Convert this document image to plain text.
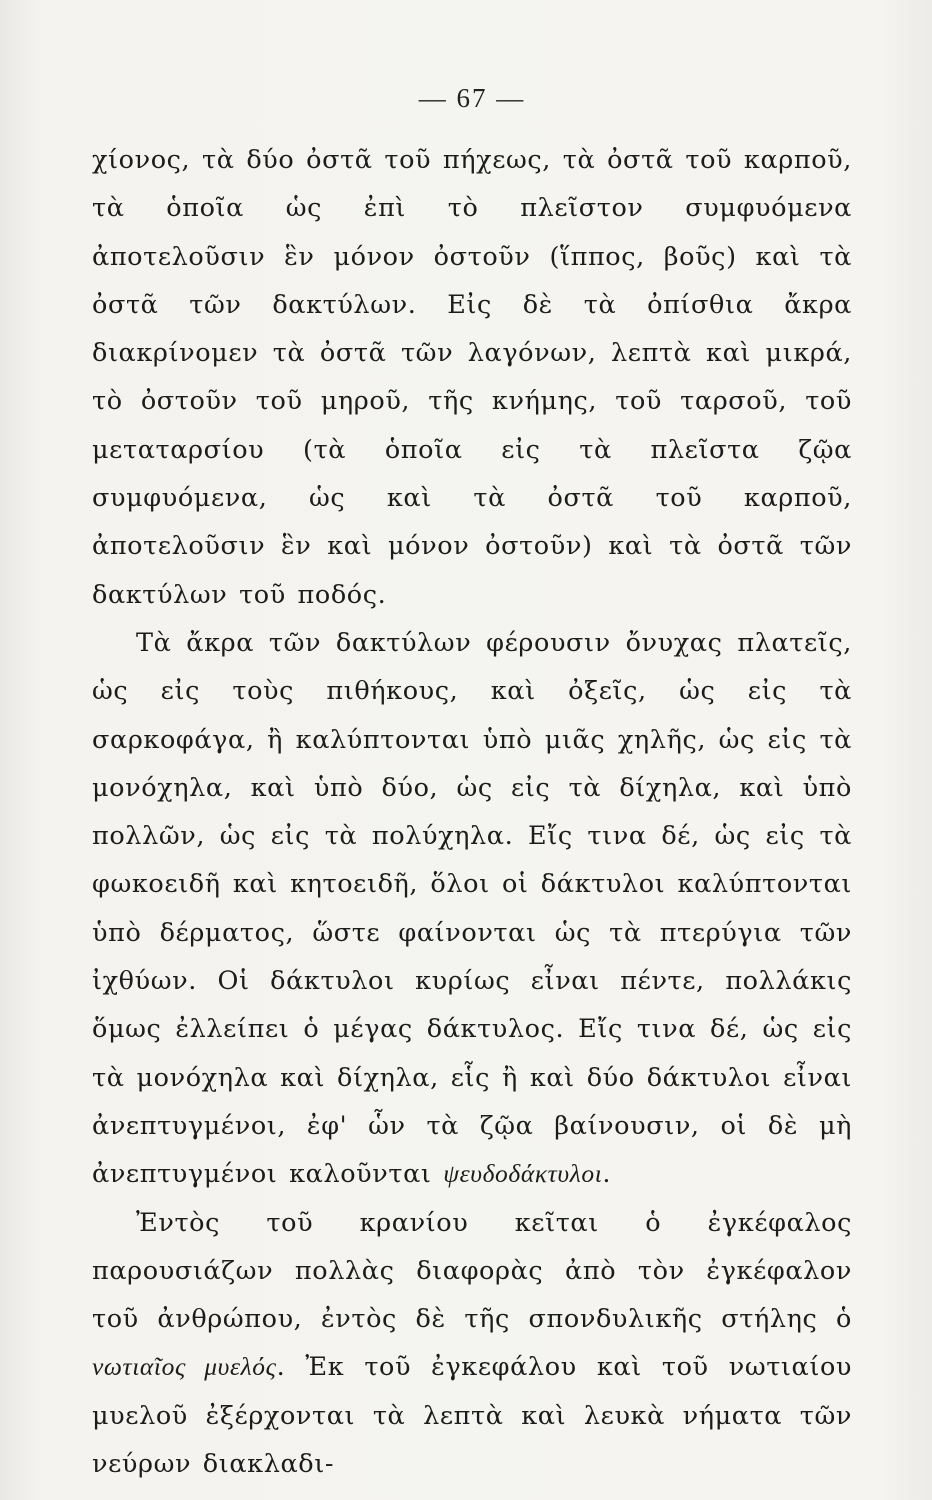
— 67 —

χίονος, τὰ δύο ὀστᾶ τοῦ πήχεως, τὰ ὀστᾶ τοῦ καρποῦ, τὰ ὁποῖα ὡς ἐπὶ τὸ πλεῖστον συμφυόμενα ἀποτελοῦσιν ἓν μόνον ὀστοῦν (ἵππος, βοῦς) καὶ τὰ ὀστᾶ τῶν δακτύλων. Εἰς δὲ τὰ ὀπίσθια ἄκρα διακρίνομεν τὰ ὀστᾶ τῶν λαγόνων, λεπτὰ καὶ μικρά, τὸ ὀστοῦν τοῦ μηροῦ, τῆς κνήμης, τοῦ ταρσοῦ, τοῦ μεταταρσίου (τὰ ὁποῖα εἰς τὰ πλεῖστα ζῷα συμφυόμενα, ὡς καὶ τὰ ὀστᾶ τοῦ καρποῦ, ἀποτελοῦσιν ἓν καὶ μόνον ὀστοῦν) καὶ τὰ ὀστᾶ τῶν δακτύλων τοῦ ποδός.

Τὰ ἄκρα τῶν δακτύλων φέρουσιν ὄνυχας πλατεῖς, ὡς εἰς τοὺς πιθήκους, καὶ ὀξεῖς, ὡς εἰς τὰ σαρκοφάγα, ἢ καλύπτονται ὑπὸ μιᾶς χηλῆς, ὡς εἰς τὰ μονόχηλα, καὶ ὑπὸ δύο, ὡς εἰς τὰ δίχηλα, καὶ ὑπὸ πολλῶν, ὡς εἰς τὰ πολύχηλα. Εἴς τινα δέ, ὡς εἰς τὰ φωκοειδῆ καὶ κητοειδῆ, ὅλοι οἱ δάκτυλοι καλύπτονται ὑπὸ δέρματος, ὥστε φαίνονται ὡς τὰ πτερύγια τῶν ἰχθύων. Οἱ δάκτυλοι κυρίως εἶναι πέντε, πολλάκις ὅμως ἐλλείπει ὁ μέγας δάκτυλος. Εἴς τινα δέ, ὡς εἰς τὰ μονόχηλα καὶ δίχηλα, εἷς ἢ καὶ δύο δάκτυλοι εἶναι ἀνεπτυγμένοι, ἐφ' ὧν τὰ ζῷα βαίνουσιν, οἱ δὲ μὴ ἀνεπτυγμένοι καλοῦνται ψευδοδάκτυλοι.

Ἐντὸς τοῦ κρανίου κεῖται ὁ ἐγκέφαλος παρουσιάζων πολλὰς διαφορὰς ἀπὸ τὸν ἐγκέφαλον τοῦ ἀνθρώπου, ἐντὸς δὲ τῆς σπονδυλικῆς στήλης ὁ νωτιαῖος μυελός. Ἐκ τοῦ ἐγκεφάλου καὶ τοῦ νωτιαίου μυελοῦ ἐξέρχονται τὰ λεπτὰ καὶ λευκὰ νήματα τῶν νεύρων διακλαδι-
